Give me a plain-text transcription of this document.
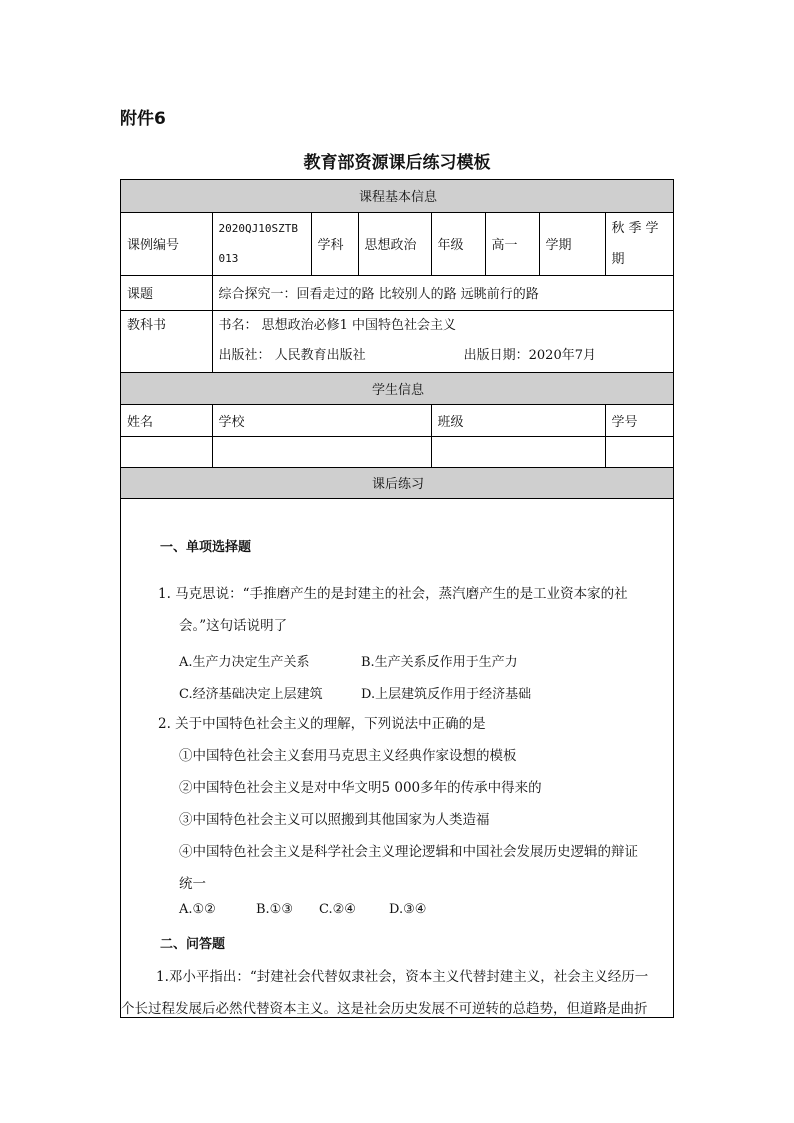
附件6
教育部资源课后练习模板
课程基本信息							
课例编号	2020QJ10SZTB013	学科	思想政治	年级	高一	学期	秋季学期
课题	综合探究一：回看走过的路 比较别人的路 远眺前行的路						
教科书	书名： 思想政治必修1 中国特色社会主义
出版社： 人民教育出版社 出版日期：2020年7月						

学生信息							
姓名	学校			班级			学号

课后练习							
一、单项选择题
1. 马克思说：“手推磨产生的是封建主的社会，蒸汽磨产生的是工业资本家的社
会。”这句话说明了
A.生产力决定生产关系	B.生产关系反作用于生产力
C.经济基础决定上层建筑	D.上层建筑反作用于经济基础
2. 关于中国特色社会主义的理解，下列说法中正确的是
①中国特色社会主义套用马克思主义经典作家设想的模板
②中国特色社会主义是对中华文明5 000多年的传承中得来的
③中国特色社会主义可以照搬到其他国家为人类造福
④中国特色社会主义是科学社会主义理论逻辑和中国社会发展历史逻辑的辩证
统一
A.①②	B.①③ C.②④	D.③④
二、问答题
1.邓小平指出：“封建社会代替奴隶社会，资本主义代替封建主义，社会主义经历一
个长过程发展后必然代替资本主义。这是社会历史发展不可逆转的总趋势，但道路是曲折
